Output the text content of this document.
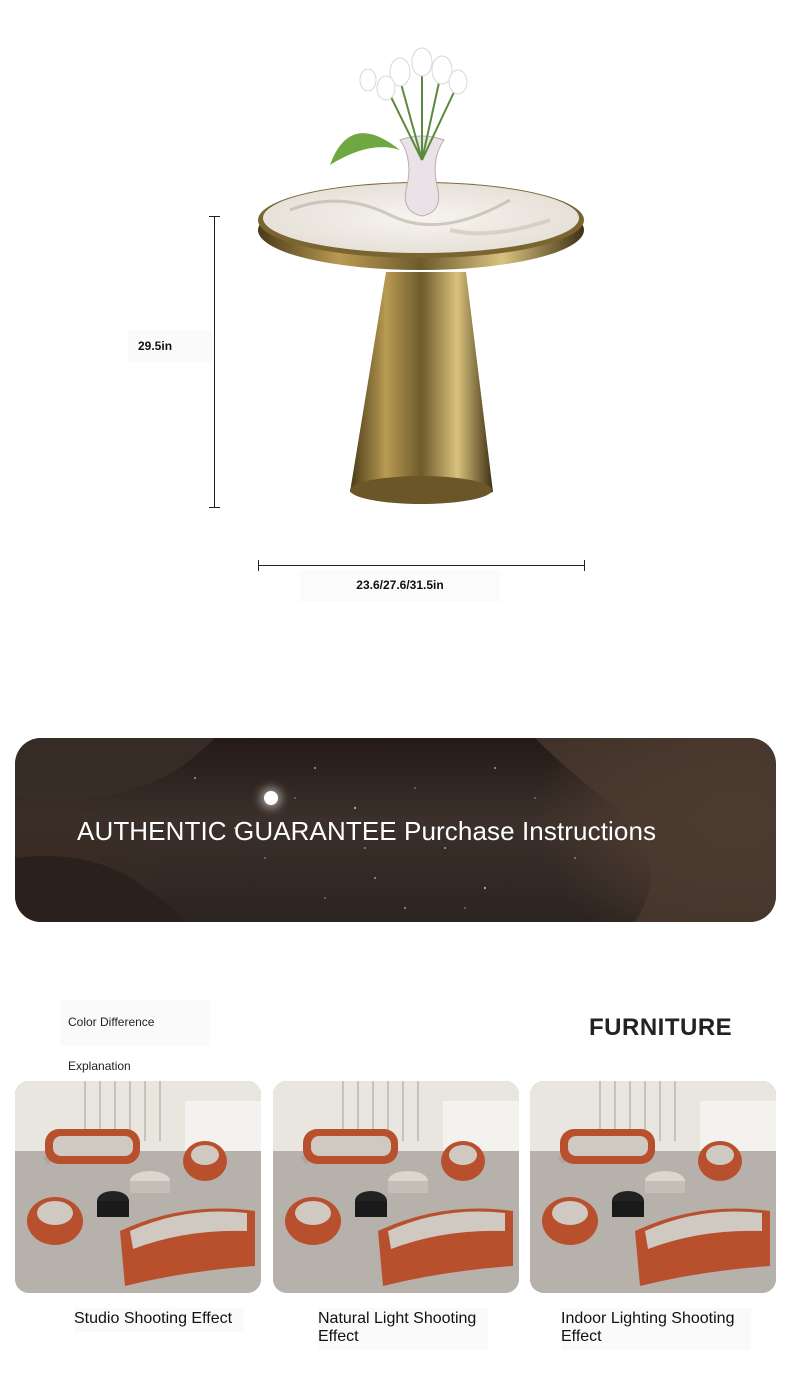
29.5in
23.6/27.6/31.5in
AUTHENTIC GUARANTEE Purchase Instructions
Color Difference Explanation
FURNITURE
Studio Shooting Effect	Natural Light Shooting Effect
Indoor Lighting Shooting Effect
